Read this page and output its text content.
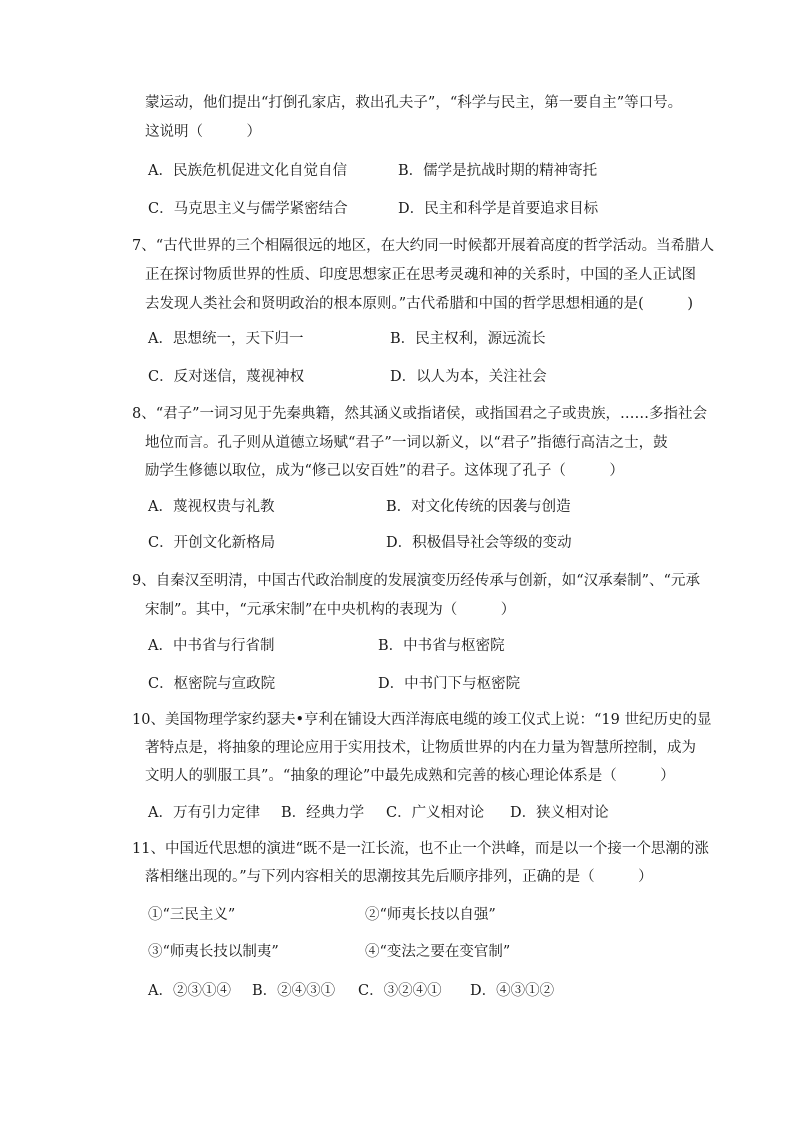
蒙运动，他们提出“打倒孔家店，救出孔夫子”，“科学与民主，第一要自主”等口号。
这说明（　　　）
A．民族危机促进文化自觉自信	B．儒学是抗战时期的精神寄托
C．马克思主义与儒学紧密结合	D．民主和科学是首要追求目标
7、“古代世界的三个相隔很远的地区，在大约同一时候都开展着高度的哲学活动。当希腊人
正在探讨物质世界的性质、印度思想家正在思考灵魂和神的关系时，中国的圣人正试图
去发现人类社会和贤明政治的根本原则。”古代希腊和中国的哲学思想相通的是(　　　)
A．思想统一，天下归一	B．民主权利，源远流长
C．反对迷信，蔑视神权	D．以人为本，关注社会
8、“君子”一词习见于先秦典籍，然其涵义或指诸侯，或指国君之子或贵族，……多指社会
地位而言。孔子则从道德立场赋“君子”一词以新义，以“君子”指德行高洁之士，鼓
励学生修德以取位，成为“修己以安百姓”的君子。这体现了孔子（　　　）
A．蔑视权贵与礼教	B．对文化传统的因袭与创造
C．开创文化新格局	D．积极倡导社会等级的变动
9、自秦汉至明清，中国古代政治制度的发展演变历经传承与创新，如“汉承秦制”、“元承
宋制”。其中，“元承宋制”在中央机构的表现为（　　　）
A．中书省与行省制	B．中书省与枢密院
C．枢密院与宣政院	D．中书门下与枢密院
10、美国物理学家约瑟夫•亨利在铺设大西洋海底电缆的竣工仪式上说：“19 世纪历史的显
著特点是，将抽象的理论应用于实用技术，让物质世界的内在力量为智慧所控制，成为
文明人的驯服工具”。“抽象的理论”中最先成熟和完善的核心理论体系是（　　　）
A．万有引力定律 B．经典力学 C．广义相对论 D．狭义相对论
11、中国近代思想的演进“既不是一江长流，也不止一个洪峰，而是以一个接一个思潮的涨
落相继出现的。”与下列内容相关的思潮按其先后顺序排列，正确的是（　　　）
①“三民主义”	②“师夷长技以自强”
③“师夷长技以制夷”	④“变法之要在变官制”
A．②③①④ B．②④③① C．③②④① D．④③①②
